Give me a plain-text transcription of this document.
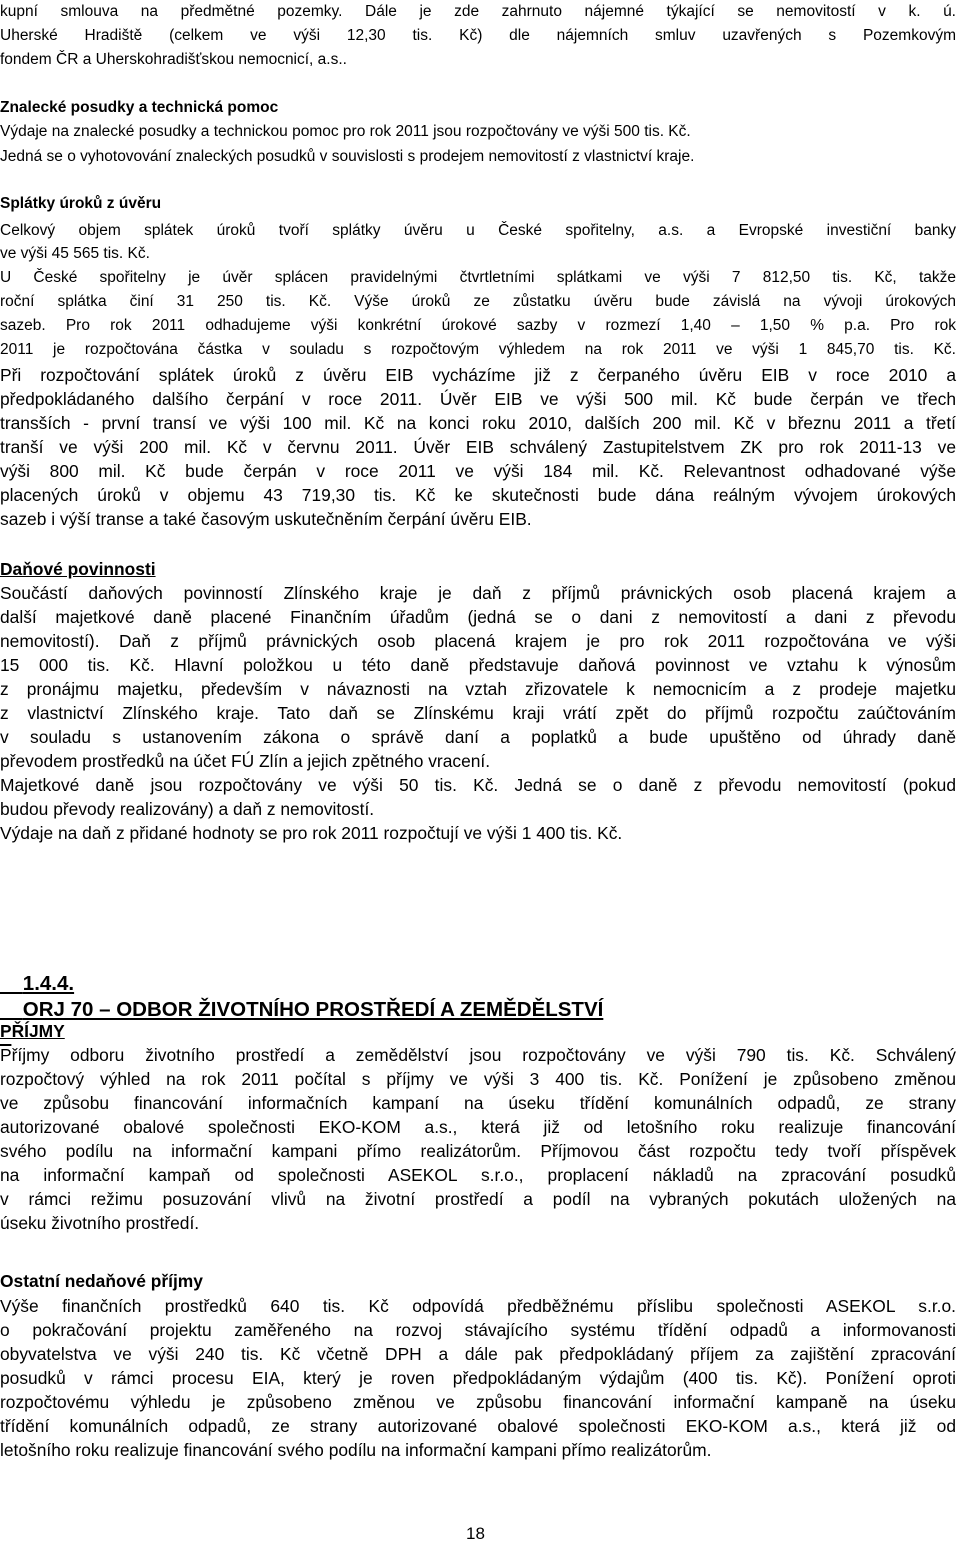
kupní smlouva na předmětné pozemky. Dále je zde zahrnuto nájemné týkající se nemovitostí v k. ú.
Uherské Hradiště (celkem ve výši 12,30 tis. Kč) dle nájemních smluv uzavřených s Pozemkovým
fondem ČR a Uherskohradišťskou nemocnicí, a.s..
Znalecké posudky a technická pomoc
Výdaje na znalecké posudky a technickou pomoc pro rok 2011 jsou rozpočtovány ve výši 500 tis. Kč.
Jedná se o vyhotovování znaleckých posudků v souvislosti s prodejem nemovitostí z vlastnictví kraje.
Splátky úroků z úvěru
Celkový objem splátek úroků tvoří splátky úvěru u České spořitelny, a.s. a Evropské investiční banky
ve výši 45 565 tis. Kč.
U České spořitelny je úvěr splácen pravidelnými čtvrtletními splátkami ve výši 7 812,50 tis. Kč, takže
roční splátka činí 31 250 tis. Kč. Výše úroků ze zůstatku úvěru bude závislá na vývoji úrokových
sazeb. Pro rok 2011 odhadujeme výši konkrétní úrokové sazby v rozmezí 1,40 – 1,50 % p.a. Pro rok
2011 je rozpočtována částka v souladu s rozpočtovým výhledem na rok 2011 ve výši 1 845,70 tis. Kč.
Při rozpočtování splátek úroků z úvěru EIB vycházíme již z čerpaného úvěru EIB v roce 2010 a
předpokládaného dalšího čerpání v roce 2011. Úvěr EIB ve výši 500 mil. Kč bude čerpán ve třech
transších - první transí ve výši 100 mil. Kč na konci roku 2010, dalších 200 mil. Kč v březnu 2011 a třetí
tranší ve výši 200 mil. Kč v červnu 2011. Úvěr EIB schválený Zastupitelstvem ZK pro rok 2011-13 ve
výši 800 mil. Kč bude čerpán v roce 2011 ve výši 184 mil. Kč. Relevantnost odhadované výše
placených úroků v objemu 43 719,30 tis. Kč ke skutečnosti bude dána reálným vývojem úrokových
sazeb i výší transe a také časovým uskutečněním čerpání úvěru EIB.
Daňové povinnosti
Součástí daňových povinností Zlínského kraje je daň z příjmů právnických osob placená krajem a
další majetkové daně placené Finančním úřadům (jedná se o dani z nemovitostí a dani z převodu
nemovitostí). Daň z příjmů právnických osob placená krajem je pro rok 2011 rozpočtována ve výši
15 000 tis. Kč. Hlavní položkou u této daně představuje daňová povinnost ve vztahu k výnosům
z pronájmu majetku, především v návaznosti na vztah zřizovatele k nemocnicím a z prodeje majetku
z vlastnictví Zlínského kraje. Tato daň se Zlínskému kraji vrátí zpět do příjmů rozpočtu zaúčtováním
v souladu s ustanovením zákona o správě daní a poplatků a bude upuštěno od úhrady daně
převodem prostředků na účet FÚ Zlín a jejich zpětného vracení.
Majetkové daně jsou rozpočtovány ve výši 50 tis. Kč. Jedná se o daně z převodu nemovitostí (pokud
budou převody realizovány) a daň z nemovitostí.
Výdaje na daň z přidané hodnoty se pro rok 2011 rozpočtují ve výši 1 400 tis. Kč.

1.4.4.
ORJ 70 – ODBOR ŽIVOTNÍHO PROSTŘEDÍ A ZEMĚDĚLSTVÍ

PŘÍJMY
Příjmy odboru životního prostředí a zemědělství jsou rozpočtovány ve výši 790 tis. Kč. Schválený
rozpočtový výhled na rok 2011 počítal s příjmy ve výši 3 400 tis. Kč. Ponížení je způsobeno změnou
ve způsobu financování informačních kampaní na úseku třídění komunálních odpadů, ze strany
autorizované obalové společnosti EKO-KOM a.s., která již od letošního roku realizuje financování
svého podílu na informační kampani přímo realizátorům. Příjmovou část rozpočtu tedy tvoří příspěvek
na informační kampaň od společnosti ASEKOL s.r.o., proplacení nákladů na zpracování posudků
v rámci režimu posuzování vlivů na životní prostředí a podíl na vybraných pokutách uložených na
úseku životního prostředí.
Ostatní nedaňové příjmy
Výše finančních prostředků 640 tis. Kč odpovídá předběžnému příslibu společnosti ASEKOL s.r.o.
o pokračování projektu zaměřeného na rozvoj stávajícího systému třídění odpadů a informovanosti
obyvatelstva ve výši 240 tis. Kč včetně DPH a dále pak předpokládaný příjem za zajištění zpracování
posudků v rámci procesu EIA, který je roven předpokládaným výdajům (400 tis. Kč). Ponížení oproti
rozpočtovému výhledu je způsobeno změnou ve způsobu financování informační kampaně na úseku
třídění komunálních odpadů, ze strany autorizované obalové společnosti EKO-KOM a.s., která již od
letošního roku realizuje financování svého podílu na informační kampani přímo realizátorům.
18
